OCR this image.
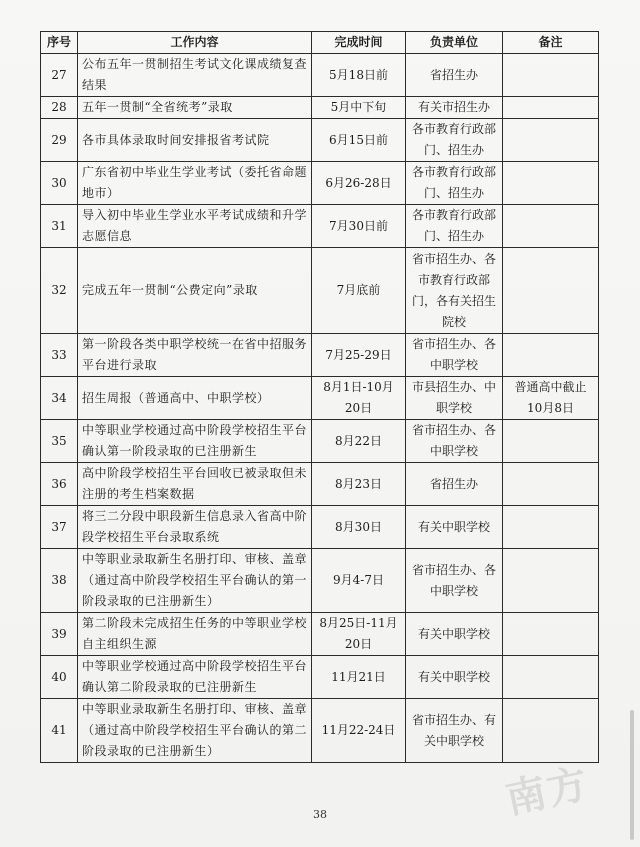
序号	工作内容	完成时间	负责单位	备注
27	公布五年一贯制招生考试文化课成绩复查结果	5月18日前	省招生办	
28	五年一贯制“全省统考”录取	5月中下旬	有关市招生办	
29	各市具体录取时间安排报省考试院	6月15日前	各市教育行政部门、招生办	
30	广东省初中毕业生学业考试（委托省命题地市）	6月26-28日	各市教育行政部门、招生办	
31	导入初中毕业生学业水平考试成绩和升学志愿信息	7月30日前	各市教育行政部门、招生办	
32	完成五年一贯制“公费定向”录取	7月底前	省市招生办、各市教育行政部门，各有关招生院校	
33	第一阶段各类中职学校统一在省中招服务平台进行录取	7月25-29日	省市招生办、各中职学校	
34	招生周报（普通高中、中职学校）	8月1日-10月20日	市县招生办、中职学校	普通高中截止10月8日
35	中等职业学校通过高中阶段学校招生平台确认第一阶段录取的已注册新生	8月22日	省市招生办、各中职学校	
36	高中阶段学校招生平台回收已被录取但未注册的考生档案数据	8月23日	省招生办	
37	将三二分段中职段新生信息录入省高中阶段学校招生平台录取系统	8月30日	有关中职学校	
38	中等职业录取新生名册打印、审核、盖章（通过高中阶段学校招生平台确认的第一阶段录取的已注册新生）	9月4-7日	省市招生办、各中职学校	
39	第二阶段未完成招生任务的中等职业学校自主组织生源	8月25日-11月20日	有关中职学校	
40	中等职业学校通过高中阶段学校招生平台确认第二阶段录取的已注册新生	11月21日	有关中职学校	
41	中等职业录取新生名册打印、审核、盖章（通过高中阶段学校招生平台确认的第二阶段录取的已注册新生）	11月22-24日	省市招生办、有关中职学校	
38	南方
